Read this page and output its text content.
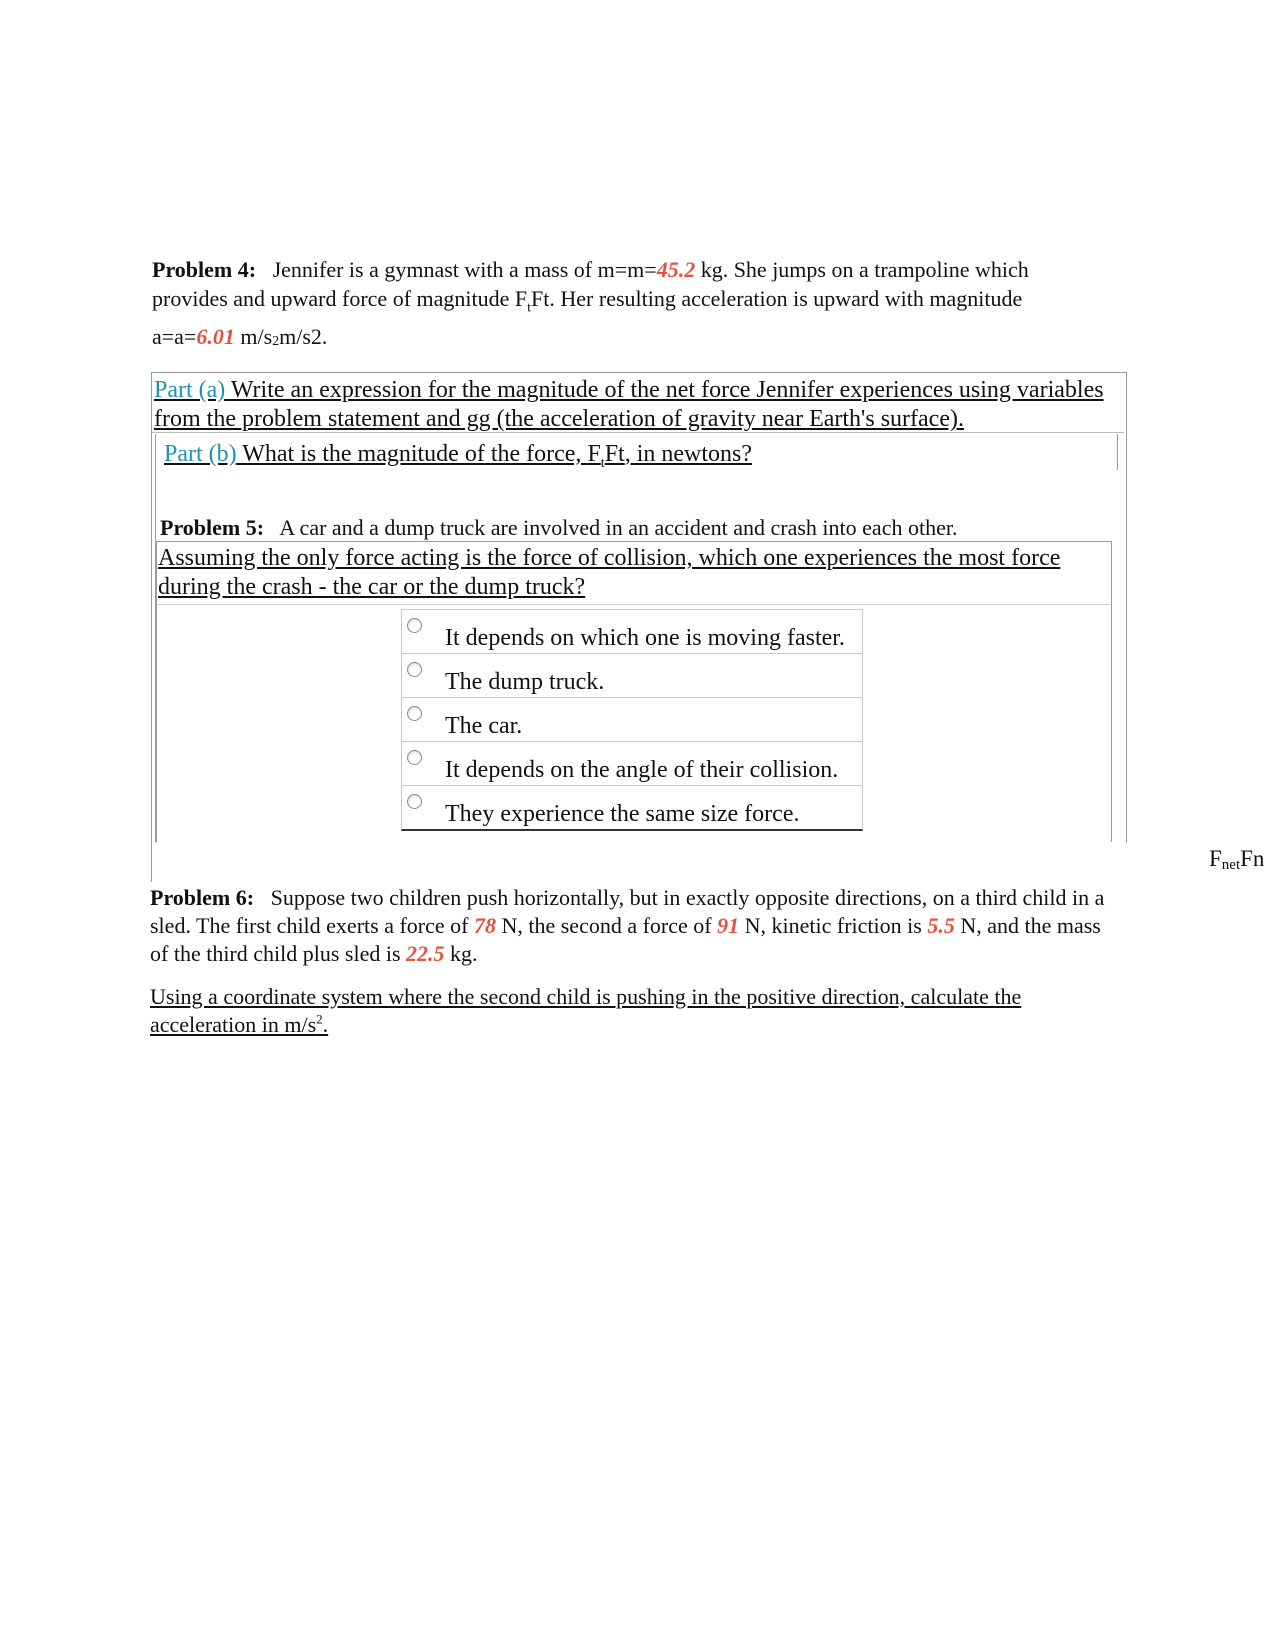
Problem 4: Jennifer is a gymnast with a mass of m=m=45.2 kg. She jumps on a trampoline which provides and upward force of magnitude $F_tFt$. Her resulting acceleration is upward with magnitude a=a=6.01 $m/s_2m/s2$.
Part (a) Write an expression for the magnitude of the net force Jennifer experiences using variables from the problem statement and gg (the acceleration of gravity near Earth's surface).
Part (b) What is the magnitude of the force, $F_tFt$, in newtons?
Problem 5: A car and a dump truck are involved in an accident and crash into each other.
Assuming the only force acting is the force of collision, which one experiences the most force during the crash - the car or the dump truck?
It depends on which one is moving faster.
The dump truck.
The car.
It depends on the angle of their collision.
They experience the same size force.
$F_{net}Fn$
Problem 6: Suppose two children push horizontally, but in exactly opposite directions, on a third child in a sled. The first child exerts a force of 78 N, the second a force of 91 N, kinetic friction is 5.5 N, and the mass of the third child plus sled is 22.5 kg.
Using a coordinate system where the second child is pushing in the positive direction, calculate the acceleration in $m/s^2$.
